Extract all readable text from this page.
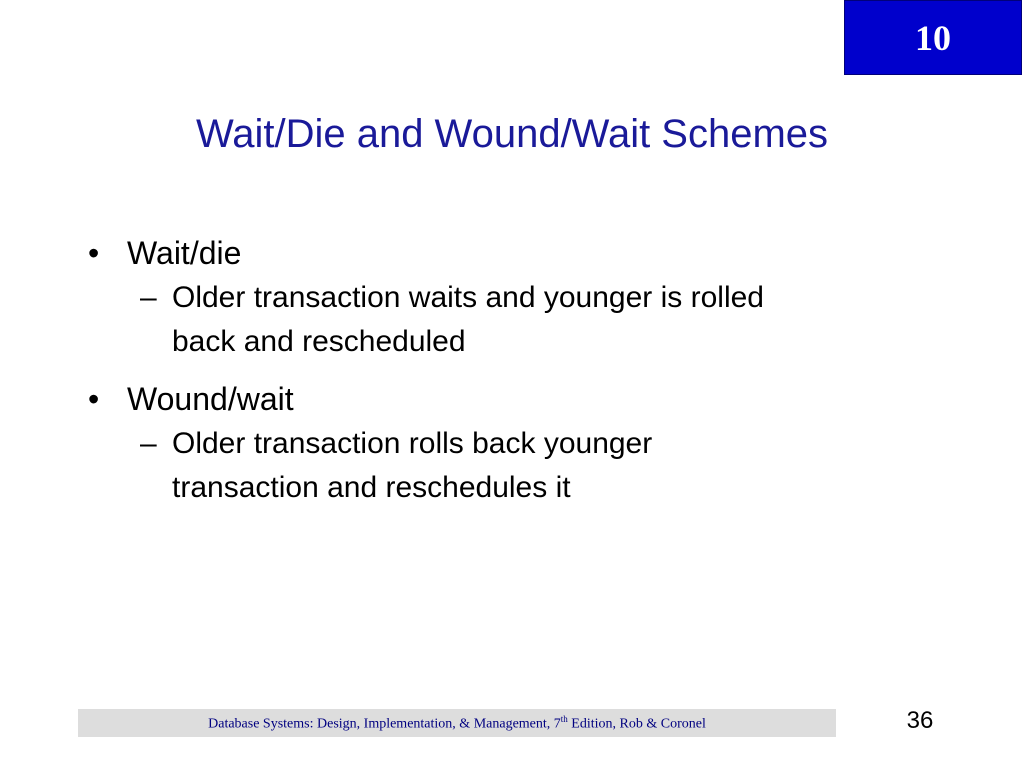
10
Wait/Die and Wound/Wait Schemes
• Wait/die
– Older transaction waits and younger is rolled
back and rescheduled
• Wound/wait
– Older transaction rolls back younger
transaction and reschedules it
Database Systems: Design, Implementation, & Management, 7th Edition, Rob & Coronel	36
